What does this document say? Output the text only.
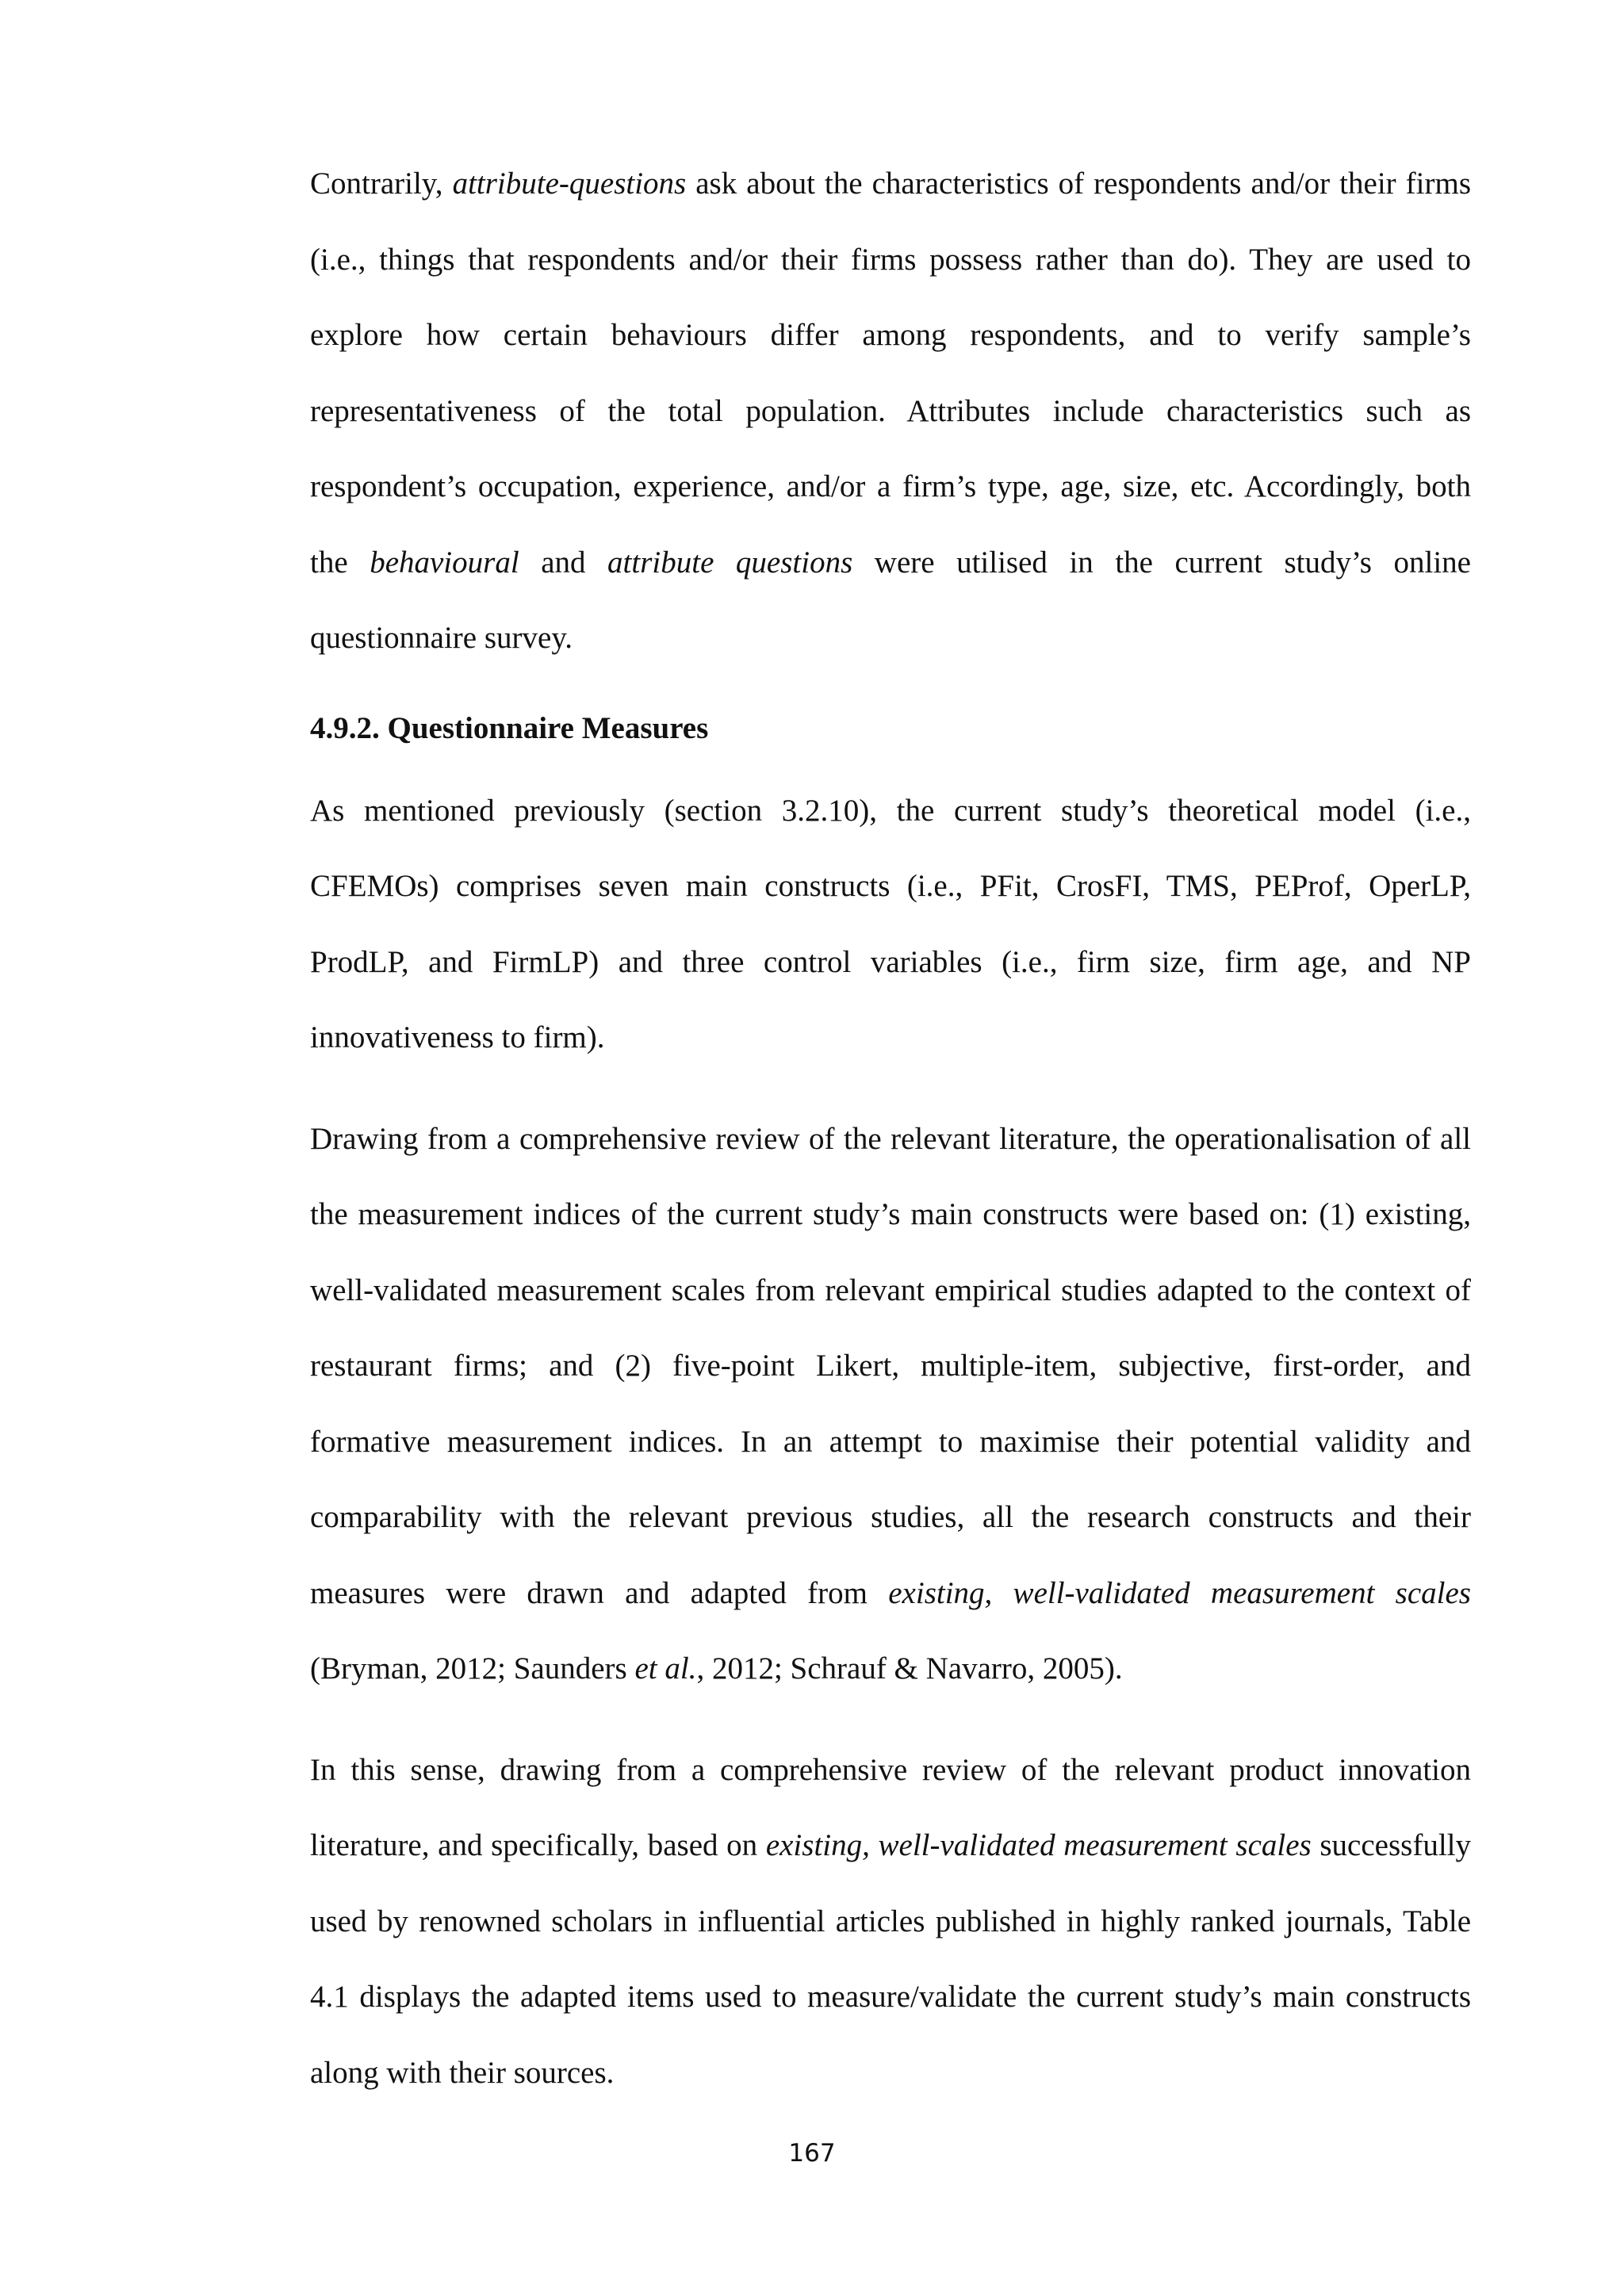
Contrarily, attribute-questions ask about the characteristics of respondents and/or their firms (i.e., things that respondents and/or their firms possess rather than do). They are used to explore how certain behaviours differ among respondents, and to verify sample’s representativeness of the total population. Attributes include characteristics such as respondent’s occupation, experience, and/or a firm’s type, age, size, etc. Accordingly, both the behavioural and attribute questions were utilised in the current study’s online questionnaire survey.

4.9.2. Questionnaire Measures

As mentioned previously (section 3.2.10), the current study’s theoretical model (i.e., CFEMOs) comprises seven main constructs (i.e., PFit, CrosFI, TMS, PEProf, OperLP, ProdLP, and FirmLP) and three control variables (i.e., firm size, firm age, and NP innovativeness to firm).

Drawing from a comprehensive review of the relevant literature, the operationalisation of all the measurement indices of the current study’s main constructs were based on: (1) existing, well-validated measurement scales from relevant empirical studies adapted to the context of restaurant firms; and (2) five-point Likert, multiple-item, subjective, first-order, and formative measurement indices. In an attempt to maximise their potential validity and comparability with the relevant previous studies, all the research constructs and their measures were drawn and adapted from existing, well-validated measurement scales (Bryman, 2012; Saunders et al., 2012; Schrauf & Navarro, 2005).

In this sense, drawing from a comprehensive review of the relevant product innovation literature, and specifically, based on existing, well-validated measurement scales successfully used by renowned scholars in influential articles published in highly ranked journals, Table 4.1 displays the adapted items used to measure/validate the current study’s main constructs along with their sources.

167
